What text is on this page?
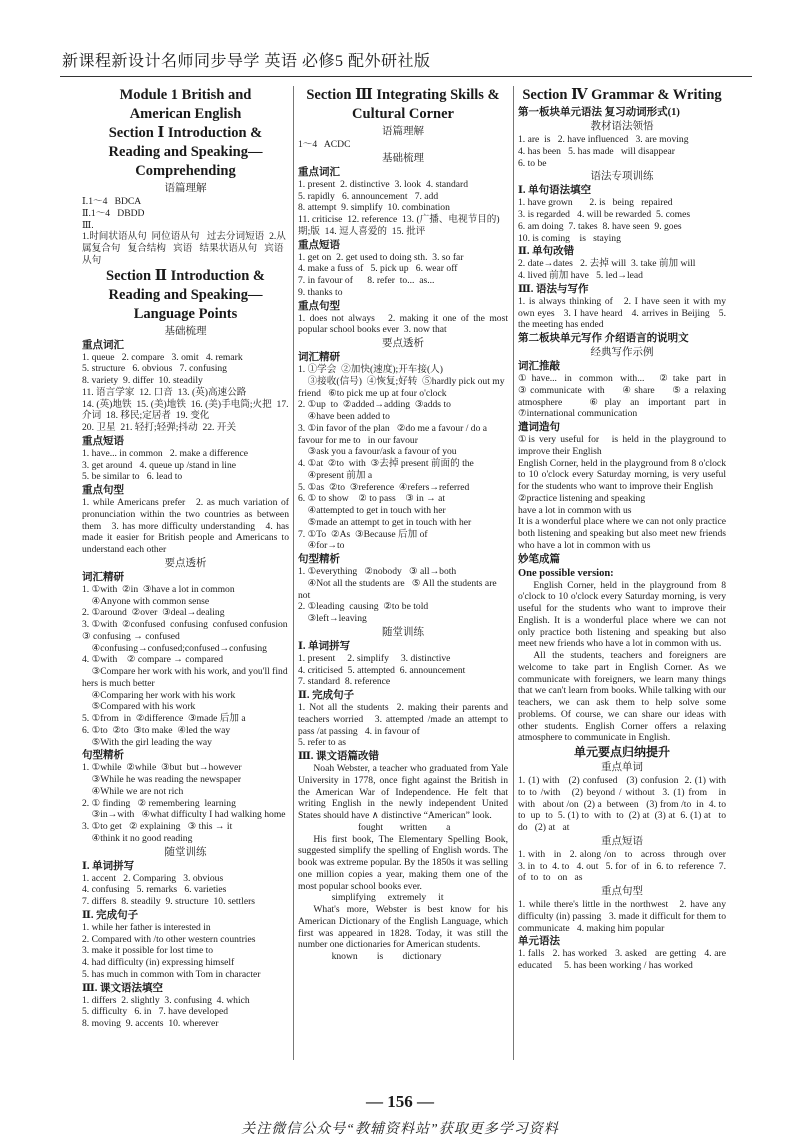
新课程新设计名师同步导学 英语 必修5 配外研社版
Module 1 British and
American English
Section Ⅰ Introduction &
Reading and Speaking—
Comprehending
语篇理解
Ⅰ.1～4   BDCA
Ⅱ.1～4   DBDD
Ⅲ.
1.时间状语从句  同位语从句   过去分词短语  2.从属复合句   复合结构   宾语   结果状语从句   宾语从句
Section Ⅱ Introduction &
Reading and Speaking—
Language Points
基础梳理
重点词汇
1. queue   2. compare   3. omit   4. remark
5. structure   6. obvious   7. confusing
8. variety  9. differ  10. steadily
11. 语言学家  12. 口音  13. (英)高速公路
14. (英)地铁  15. (美)地铁  16. (美)手电筒;火把  17. 介词  18. 移民;定居者  19. 变化
20. 卫星  21. 轻打;轻弹;抖动  22. 开关
重点短语
1. have... in common   2. make a difference
3. get around   4. queue up /stand in line
5. be similar to   6. lead to
重点句型
1. while Americans prefer   2. as much variation of pronunciation within the two countries as between them   3. has more difficulty understanding   4. has made it easier for British people and Americans to understand each other
要点透析
词汇精研
1. ①with  ②in  ③have a lot in common
④Anyone with common sense
2. ①around  ②over  ③deal→dealing
3. ①with  ②confused  confusing  confused confusion    ③ confusing → confused
④confusing→confused;confused→confusing
4. ①with    ② compare → compared
③Compare her work with his work, and you'll find hers is much better
④Comparing her work with his work
⑤Compared with his work
5. ①from  in  ②difference  ③made 后加 a
6. ①to  ②to  ③to make  ④led the way
⑤With the girl leading the way
句型精析
1. ①while  ②while  ③but  but→however
③While he was reading the newspaper
④While we are not rich
2. ① finding   ② remembering  learning
③in→with   ④what difficulty I had walking home
3. ①to get   ② explaining   ③ this → it
④think it no good reading
随堂训练
Ⅰ. 单词拼写
1. accent   2. Comparing   3. obvious
4. confusing   5. remarks   6. varieties
7. differs  8. steadily  9. structure  10. settlers
Ⅱ. 完成句子
1. while her father is interested in
2. Compared with /to other western countries
3. make it possible for lost time to
4. had difficulty (in) expressing himself
5. has much in common with Tom in character
Ⅲ. 课文语法填空
1. differs  2. slightly  3. confusing  4. which
5. difficulty   6. in   7. have developed
8. moving  9. accents  10. wherever
Section Ⅲ Integrating Skills &
Cultural Corner
语篇理解
1～4   ACDC
基础梳理
重点词汇
1. present  2. distinctive  3. look  4. standard
5. rapidly   6. announcement   7. add
8. attempt  9. simplify  10. combination
11. criticise  12. reference  13. (广播、电视节目的)期;版  14. 逗人喜爱的  15. 批评
重点短语
1. get on  2. get used to doing sth.  3. so far
4. make a fuss of   5. pick up   6. wear off
7. in favour of      8. refer  to...  as...
9. thanks to
重点句型
1. does not always   2. making it one of the most popular school books ever  3. now that
要点透析
词汇精研
1. ①学会  ②加快(速度);开车接(人)
③接收(信号)  ④恢复;好转  ⑤hardly pick out my friend   ⑥to pick me up at four o'clock
2. ①up  to  ②added→adding  ③adds to
④have been added to
3. ①in favor of the plan   ②do me a favour / do a favour for me to   in our favour
③ask you a favour/ask a favour of you
4. ①at  ②to  with  ③去掉 present 前面的 the
④present 前加 a
5. ①as  ②to  ③reference  ④refers→referred
6. ① to show    ② to pass    ③ in → at
④attempted to get in touch with her
⑤made an attempt to get in touch with her
7. ①To  ②As  ③Because 后加 of
④for→to
句型精析
1. ①everything   ②nobody   ③ all→both
④Not all the students are   ⑤ All the students are not
2. ①leading  causing  ②to be told
③left→leaving
随堂训练
Ⅰ. 单词拼写
1. present     2. simplify     3. distinctive
4. criticised  5. attempted  6. announcement
7. standard  8. reference
Ⅱ. 完成句子
1. Not all the students  2. making their parents and teachers worried   3. attempted /made an attempt to pass /at passing   4. in favour of
5. refer to as
Ⅲ. 课文语篇改错
Noah Webster, a teacher who graduated from Yale University in 1778, once fight against the British in the American War of Independence. He felt that writing English in the newly independent United States should have ∧ distinctive “American” look.
fought       written        a
His first book, The Elementary Spelling Book, suggested simplify the spelling of English words. The book was extreme popular. By the 1850s it was selling one million copies a year, making them one of the most popular school books ever.
simplifying     extremely     it
What's more, Webster is best know for his American Dictionary of the English Language, which first was appeared in 1828. Today, it was still the number one dictionaries for American students.
known        is        dictionary
Section Ⅳ Grammar & Writing
第一板块单元语法 复习动词形式(1)
教材语法领悟
1. are  is   2. have influenced   3. are moving
4. has been   5. has made   will disappear
6. to be
语法专项训练
Ⅰ. 单句语法填空
1. have grown       2. is   being   repaired
3. is regarded   4. will be rewarded  5. comes
6. am doing  7. takes  8. have seen  9. goes
10. is coming    is   staying
Ⅱ. 单句改错
2. date→dates   2. 去掉 will  3. take 前加 will
4. lived 前加 have   5. led→lead
Ⅲ. 语法与写作
1. is always thinking of   2. I have seen it with my own eyes   3. I have heard   4. arrives in Beijing   5. the meeting has ended
第二板块单元写作 介绍语言的说明文
经典写作示例
词汇推敲
①have... in common with...  ②take part in  ③communicate with   ④share   ⑤a relaxing atmosphere   ⑥play an important part in   ⑦international communication
遣词造句
①is very useful for   is held in the playground to improve their English
English Corner, held in the playground from 8 o'clock to 10 o'clock every Saturday morning, is very useful for the students who want to improve their English
②practice listening and speaking
have a lot in common with us
It is a wonderful place where we can not only practice both listening and speaking but also meet new friends who have a lot in common with us
妙笔成篇
One possible version:
English Corner, held in the playground from 8 o'clock to 10 o'clock every Saturday morning, is very useful for the students who want to improve their English. It is a wonderful place where we can not only practice both listening and speaking but also meet new friends who have a lot in common with us.
All the students, teachers and foreigners are welcome to take part in English Corner. As we communicate with foreigners, we learn many things that we can't learn from books. While talking with our teachers, we can ask them to help solve some problems. Of course, we can share our ideas with other students. English Corner offers a relaxing atmosphere to communicate in English.
单元要点归纳提升
重点单词
1. (1) with   (2) confused   (3) confusion  2. (1) with   to to /with   (2) beyond / without  3. (1) from   in   with   about /on  (2) a  between   (3) from /to  in  4. to  to  up  to  5. (1) to  with  to  (2) at  (3) at  6. (1) at   to do   (2) at   at
重点短语
1. with   in   2. along /on   to   across   through  over  3. in  to  4. to   4. out   5. for  of  in  6. to  reference  7. of  to  to   on   as
重点句型
1. while there's little in the northwest   2. have any difficulty (in) passing   3. made it difficult for them to communicate   4. making him popular
单元语法
1. falls   2. has worked   3. asked   are getting   4. are educated     5. has been working / has worked
— 156 —
关注微信公众号“教辅资料站”获取更多学习资料
